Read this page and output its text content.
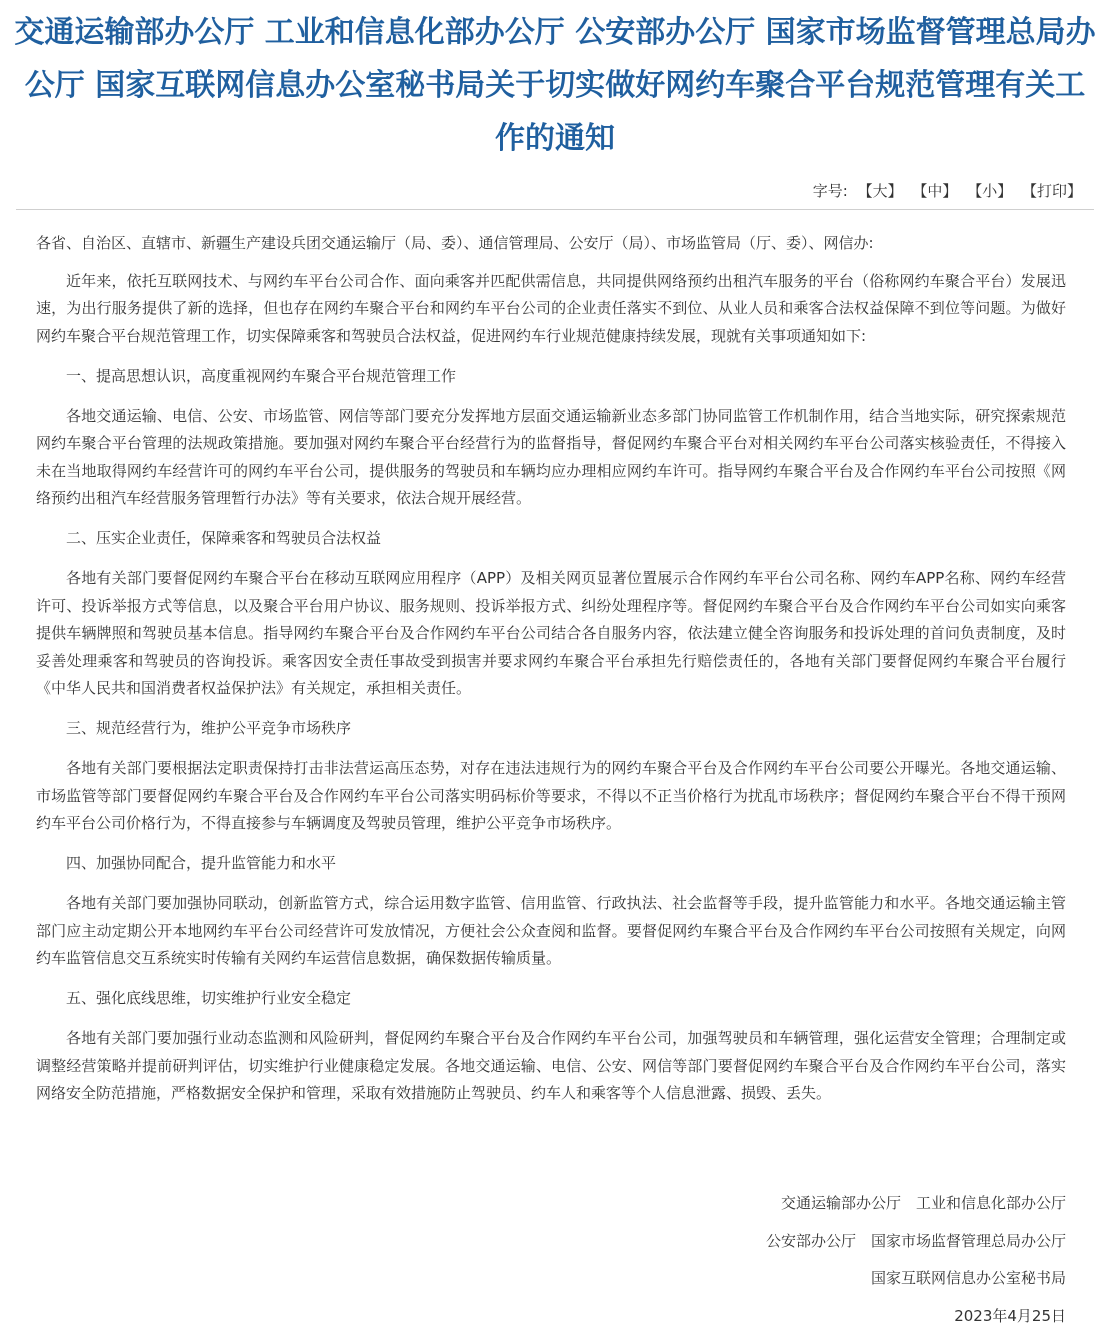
交通运输部办公厅 工业和信息化部办公厅 公安部办公厅 国家市场监督管理总局办公厅 国家互联网信息办公室秘书局关于切实做好网约车聚合平台规范管理有关工作的通知
字号: 【大】 【中】 【小】 【打印】

各省、自治区、直辖市、新疆生产建设兵团交通运输厅（局、委）、通信管理局、公安厅（局）、市场监管局（厅、委）、网信办:

近年来，依托互联网技术、与网约车平台公司合作、面向乘客并匹配供需信息，共同提供网络预约出租汽车服务的平台（俗称网约车聚合平台）发展迅速，为出行服务提供了新的选择，但也存在网约车聚合平台和网约车平台公司的企业责任落实不到位、从业人员和乘客合法权益保障不到位等问题。为做好网约车聚合平台规范管理工作，切实保障乘客和驾驶员合法权益，促进网约车行业规范健康持续发展，现就有关事项通知如下:

一、提高思想认识，高度重视网约车聚合平台规范管理工作

各地交通运输、电信、公安、市场监管、网信等部门要充分发挥地方层面交通运输新业态多部门协同监管工作机制作用，结合当地实际，研究探索规范网约车聚合平台管理的法规政策措施。要加强对网约车聚合平台经营行为的监督指导，督促网约车聚合平台对相关网约车平台公司落实核验责任，不得接入未在当地取得网约车经营许可的网约车平台公司，提供服务的驾驶员和车辆均应办理相应网约车许可。指导网约车聚合平台及合作网约车平台公司按照《网络预约出租汽车经营服务管理暂行办法》等有关要求，依法合规开展经营。

二、压实企业责任，保障乘客和驾驶员合法权益

各地有关部门要督促网约车聚合平台在移动互联网应用程序（APP）及相关网页显著位置展示合作网约车平台公司名称、网约车APP名称、网约车经营许可、投诉举报方式等信息，以及聚合平台用户协议、服务规则、投诉举报方式、纠纷处理程序等。督促网约车聚合平台及合作网约车平台公司如实向乘客提供车辆牌照和驾驶员基本信息。指导网约车聚合平台及合作网约车平台公司结合各自服务内容，依法建立健全咨询服务和投诉处理的首问负责制度，及时妥善处理乘客和驾驶员的咨询投诉。乘客因安全责任事故受到损害并要求网约车聚合平台承担先行赔偿责任的，各地有关部门要督促网约车聚合平台履行《中华人民共和国消费者权益保护法》有关规定，承担相关责任。

三、规范经营行为，维护公平竞争市场秩序

各地有关部门要根据法定职责保持打击非法营运高压态势，对存在违法违规行为的网约车聚合平台及合作网约车平台公司要公开曝光。各地交通运输、市场监管等部门要督促网约车聚合平台及合作网约车平台公司落实明码标价等要求，不得以不正当价格行为扰乱市场秩序；督促网约车聚合平台不得干预网约车平台公司价格行为，不得直接参与车辆调度及驾驶员管理，维护公平竞争市场秩序。

四、加强协同配合，提升监管能力和水平

各地有关部门要加强协同联动，创新监管方式，综合运用数字监管、信用监管、行政执法、社会监督等手段，提升监管能力和水平。各地交通运输主管部门应主动定期公开本地网约车平台公司经营许可发放情况，方便社会公众查阅和监督。要督促网约车聚合平台及合作网约车平台公司按照有关规定，向网约车监管信息交互系统实时传输有关网约车运营信息数据，确保数据传输质量。

五、强化底线思维，切实维护行业安全稳定

各地有关部门要加强行业动态监测和风险研判，督促网约车聚合平台及合作网约车平台公司，加强驾驶员和车辆管理，强化运营安全管理；合理制定或调整经营策略并提前研判评估，切实维护行业健康稳定发展。各地交通运输、电信、公安、网信等部门要督促网约车聚合平台及合作网约车平台公司，落实网络安全防范措施，严格数据安全保护和管理，采取有效措施防止驾驶员、约车人和乘客等个人信息泄露、损毁、丢失。

交通运输部办公厅　工业和信息化部办公厅
公安部办公厅　国家市场监督管理总局办公厅
国家互联网信息办公室秘书局
2023年4月25日
